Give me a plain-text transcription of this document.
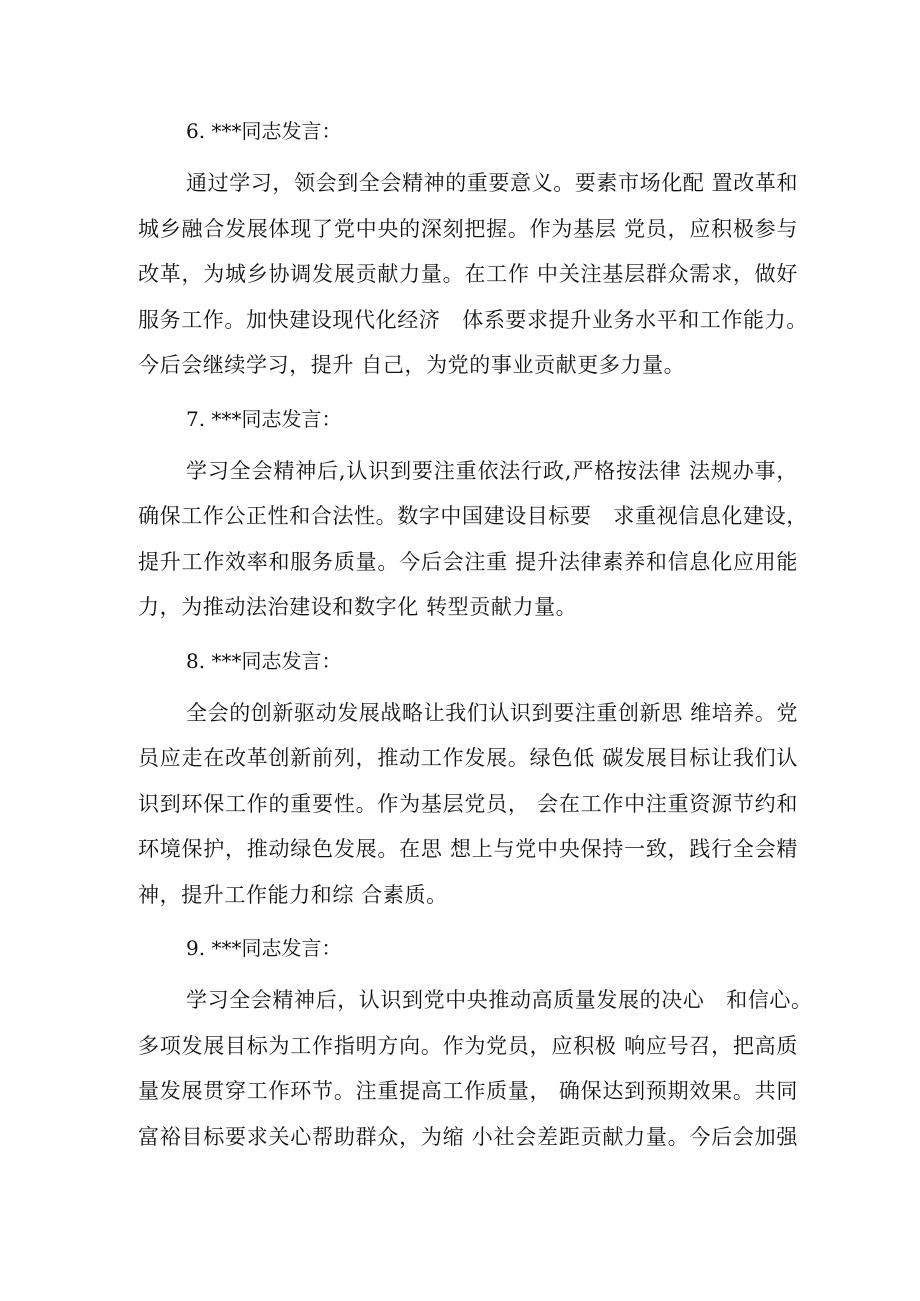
6. ***同志发言：
通过学习，领会到全会精神的重要意义。要素市场化配 置改革和
城乡融合发展体现了党中央的深刻把握。作为基层 党员，应积极参与
改革，为城乡协调发展贡献力量。在工作 中关注基层群众需求，做好
服务工作。加快建设现代化经济   体系要求提升业务水平和工作能力。
今后会继续学习，提升 自己，为党的事业贡献更多力量。
7. ***同志发言：
学习全会精神后,认识到要注重依法行政,严格按法律 法规办事，
确保工作公正性和合法性。数字中国建设目标要   求重视信息化建设，
提升工作效率和服务质量。今后会注重 提升法律素养和信息化应用能
力，为推动法治建设和数字化 转型贡献力量。
8. ***同志发言：
全会的创新驱动发展战略让我们认识到要注重创新思 维培养。党
员应走在改革创新前列，推动工作发展。绿色低 碳发展目标让我们认
识到环保工作的重要性。作为基层党员， 会在工作中注重资源节约和
环境保护，推动绿色发展。在思 想上与党中央保持一致，践行全会精
神，提升工作能力和综 合素质。
9. ***同志发言：
学习全会精神后，认识到党中央推动高质量发展的决心   和信心。
多项发展目标为工作指明方向。作为党员，应积极 响应号召，把高质
量发展贯穿工作环节。注重提高工作质量， 确保达到预期效果。共同
富裕目标要求关心帮助群众，为缩 小社会差距贡献力量。今后会加强
